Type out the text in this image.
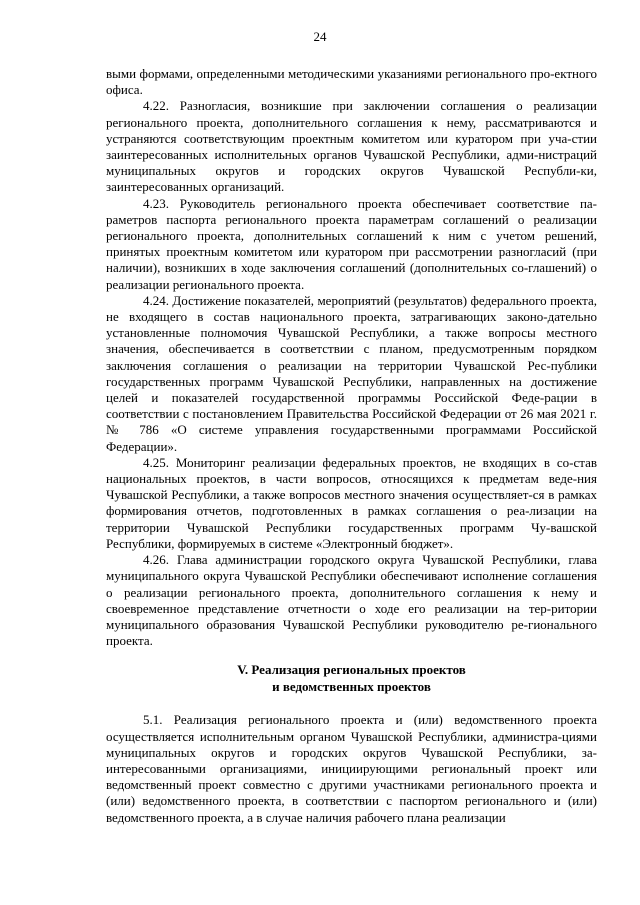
24

выми формами, определенными методическими указаниями регионального про-ектного офиса.

4.22. Разногласия, возникшие при заключении соглашения о реализации регионального проекта, дополнительного соглашения к нему, рассматриваются и устраняются соответствующим проектным комитетом или куратором при уча-стии заинтересованных исполнительных органов Чувашской Республики, адми-нистраций муниципальных округов и городских округов Чувашской Республи-ки, заинтересованных организаций.

4.23. Руководитель регионального проекта обеспечивает соответствие па-раметров паспорта регионального проекта параметрам соглашений о реализации регионального проекта, дополнительных соглашений к ним с учетом решений, принятых проектным комитетом или куратором при рассмотрении разногласий (при наличии), возникших в ходе заключения соглашений (дополнительных со-глашений) о реализации регионального проекта.

4.24. Достижение показателей, мероприятий (результатов) федерального проекта, не входящего в состав национального проекта, затрагивающих законо-дательно установленные полномочия Чувашской Республики, а также вопросы местного значения, обеспечивается в соответствии с планом, предусмотренным порядком заключения соглашения о реализации на территории Чувашской Рес-публики государственных программ Чувашской Республики, направленных на достижение целей и показателей государственной программы Российской Феде-рации в соответствии с постановлением Правительства Российской Федерации от 26 мая 2021 г. № 786 «О системе управления государственными программами Российской Федерации».

4.25. Мониторинг реализации федеральных проектов, не входящих в со-став национальных проектов, в части вопросов, относящихся к предметам веде-ния Чувашской Республики, а также вопросов местного значения осуществляет-ся в рамках формирования отчетов, подготовленных в рамках соглашения о реа-лизации на территории Чувашской Республики государственных программ Чу-вашской Республики, формируемых в системе «Электронный бюджет».

4.26. Глава администрации городского округа Чувашской Республики, глава муниципального округа Чувашской Республики обеспечивают исполнение соглашения о реализации регионального проекта, дополнительного соглашения к нему и своевременное представление отчетности о ходе его реализации на тер-ритории муниципального образования Чувашской Республики руководителю ре-гионального проекта.

V. Реализация региональных проектов
и ведомственных проектов

5.1. Реализация регионального проекта и (или) ведомственного проекта осуществляется исполнительным органом Чувашской Республики, администра-циями муниципальных округов и городских округов Чувашской Республики, за-интересованными организациями, инициирующими региональный проект или ведомственный проект совместно с другими участниками регионального проекта и (или) ведомственного проекта, в соответствии с паспортом регионального и (или) ведомственного проекта, а в случае наличия рабочего плана реализации
